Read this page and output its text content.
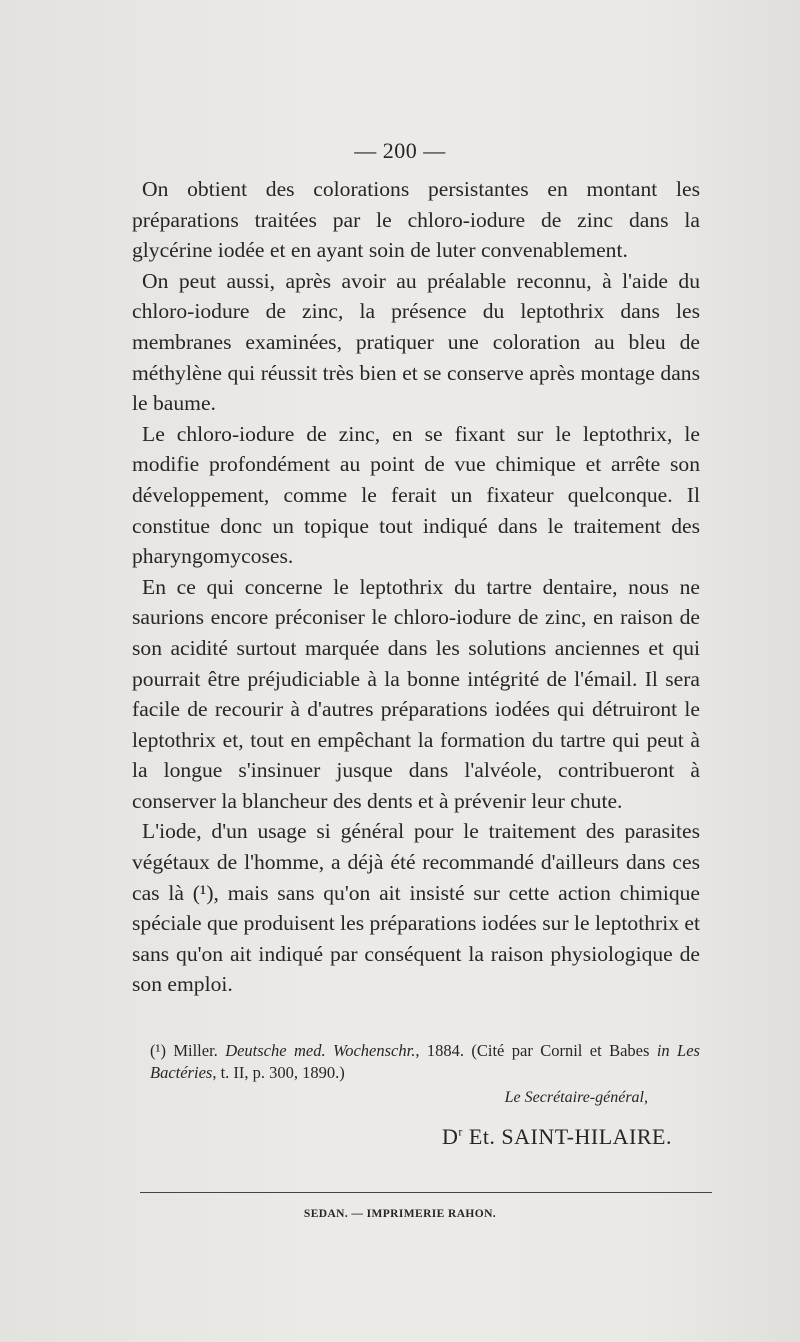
— 200 —

On obtient des colorations persistantes en montant les préparations traitées par le chloro-iodure de zinc dans la glycérine iodée et en ayant soin de luter convenablement.

On peut aussi, après avoir au préalable reconnu, à l'aide du chloro-iodure de zinc, la présence du leptothrix dans les membranes examinées, pratiquer une coloration au bleu de méthylène qui réussit très bien et se conserve après montage dans le baume.

Le chloro-iodure de zinc, en se fixant sur le leptothrix, le modifie profondément au point de vue chimique et arrête son développement, comme le ferait un fixateur quelconque. Il constitue donc un topique tout indiqué dans le traitement des pharyngomycoses.

En ce qui concerne le leptothrix du tartre dentaire, nous ne saurions encore préconiser le chloro-iodure de zinc, en raison de son acidité surtout marquée dans les solutions anciennes et qui pourrait être préjudiciable à la bonne intégrité de l'émail. Il sera facile de recourir à d'autres préparations iodées qui détruiront le leptothrix et, tout en empêchant la formation du tartre qui peut à la longue s'insinuer jusque dans l'alvéole, contribueront à conserver la blancheur des dents et à prévenir leur chute.

L'iode, d'un usage si général pour le traitement des parasites végétaux de l'homme, a déjà été recommandé d'ailleurs dans ces cas là (¹), mais sans qu'on ait insisté sur cette action chimique spéciale que produisent les préparations iodées sur le leptothrix et sans qu'on ait indiqué par conséquent la raison physiologique de son emploi.

(¹) Miller. Deutsche med. Wochenschr., 1884. (Cité par Cornil et Babes in Les Bactéries, t. II, p. 300, 1890.)
Le Secrétaire-général,
$D^r$ Et. SAINT-HILAIRE.
SEDAN. — IMPRIMERIE RAHON.
